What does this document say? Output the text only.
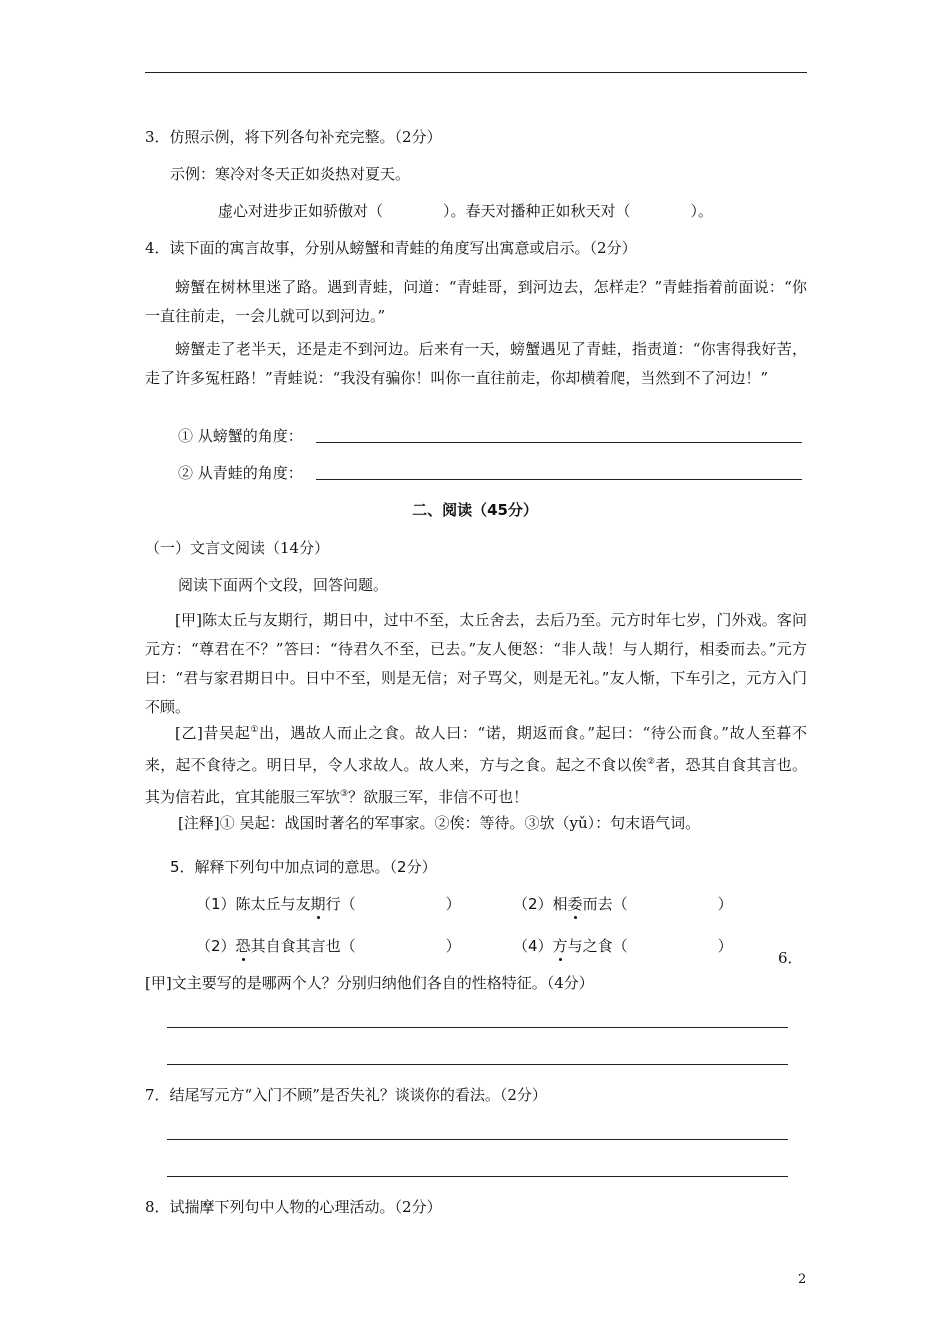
3．仿照示例，将下列各句补充完整。（2分）
示例：寒冷对冬天正如炎热对夏天。
虚心对进步正如骄傲对（　　　　）。春天对播种正如秋天对（　　　　）。
4．读下面的寓言故事，分别从螃蟹和青蛙的角度写出寓意或启示。（2分）
螃蟹在树林里迷了路。遇到青蛙，问道：“青蛙哥，到河边去，怎样走？”青蛙指着前面说：“你一直往前走，一会儿就可以到河边。”
螃蟹走了老半天，还是走不到河边。后来有一天，螃蟹遇见了青蛙，指责道：“你害得我好苦，走了许多冤枉路！”青蛙说：“我没有骗你！叫你一直往前走，你却横着爬，当然到不了河边！”
① 从螃蟹的角度：
② 从青蛙的角度：
二、阅读（45分）
（一）文言文阅读（14分）
阅读下面两个文段，回答问题。
[甲]陈太丘与友期行，期日中，过中不至，太丘舍去，去后乃至。元方时年七岁，门外戏。客问元方：“尊君在不？”答曰：“待君久不至，已去。”友人便怒：“非人哉！与人期行，相委而去。”元方曰：“君与家君期日中。日中不至，则是无信；对子骂父，则是无礼。”友人惭，下车引之，元方入门不顾。
[乙]昔吴起①出，遇故人而止之食。故人曰：“诺，期返而食。”起曰：“待公而食。”故人至暮不来，起不食待之。明日早，令人求故人。故人来，方与之食。起之不食以俟②者，恐其自食其言也。其为信若此，宜其能服三军欤③？欲服三军，非信不可也！
[注释]① 吴起：战国时著名的军事家。②俟：等待。③欤（yǔ）：句末语气词。
5．解释下列句中加点词的意思。（2分）
（1）陈太丘与友期行（　　　　　　）	（2）相委而去（　　　　　　）
（2）恐其自食其言也（　　　　　　）	（4）方与之食（　　　　　　）
6．
[甲]文主要写的是哪两个人？分别归纳他们各自的性格特征。（4分）
7．结尾写元方“入门不顾”是否失礼？谈谈你的看法。（2分）
8．试揣摩下列句中人物的心理活动。（2分）
2
